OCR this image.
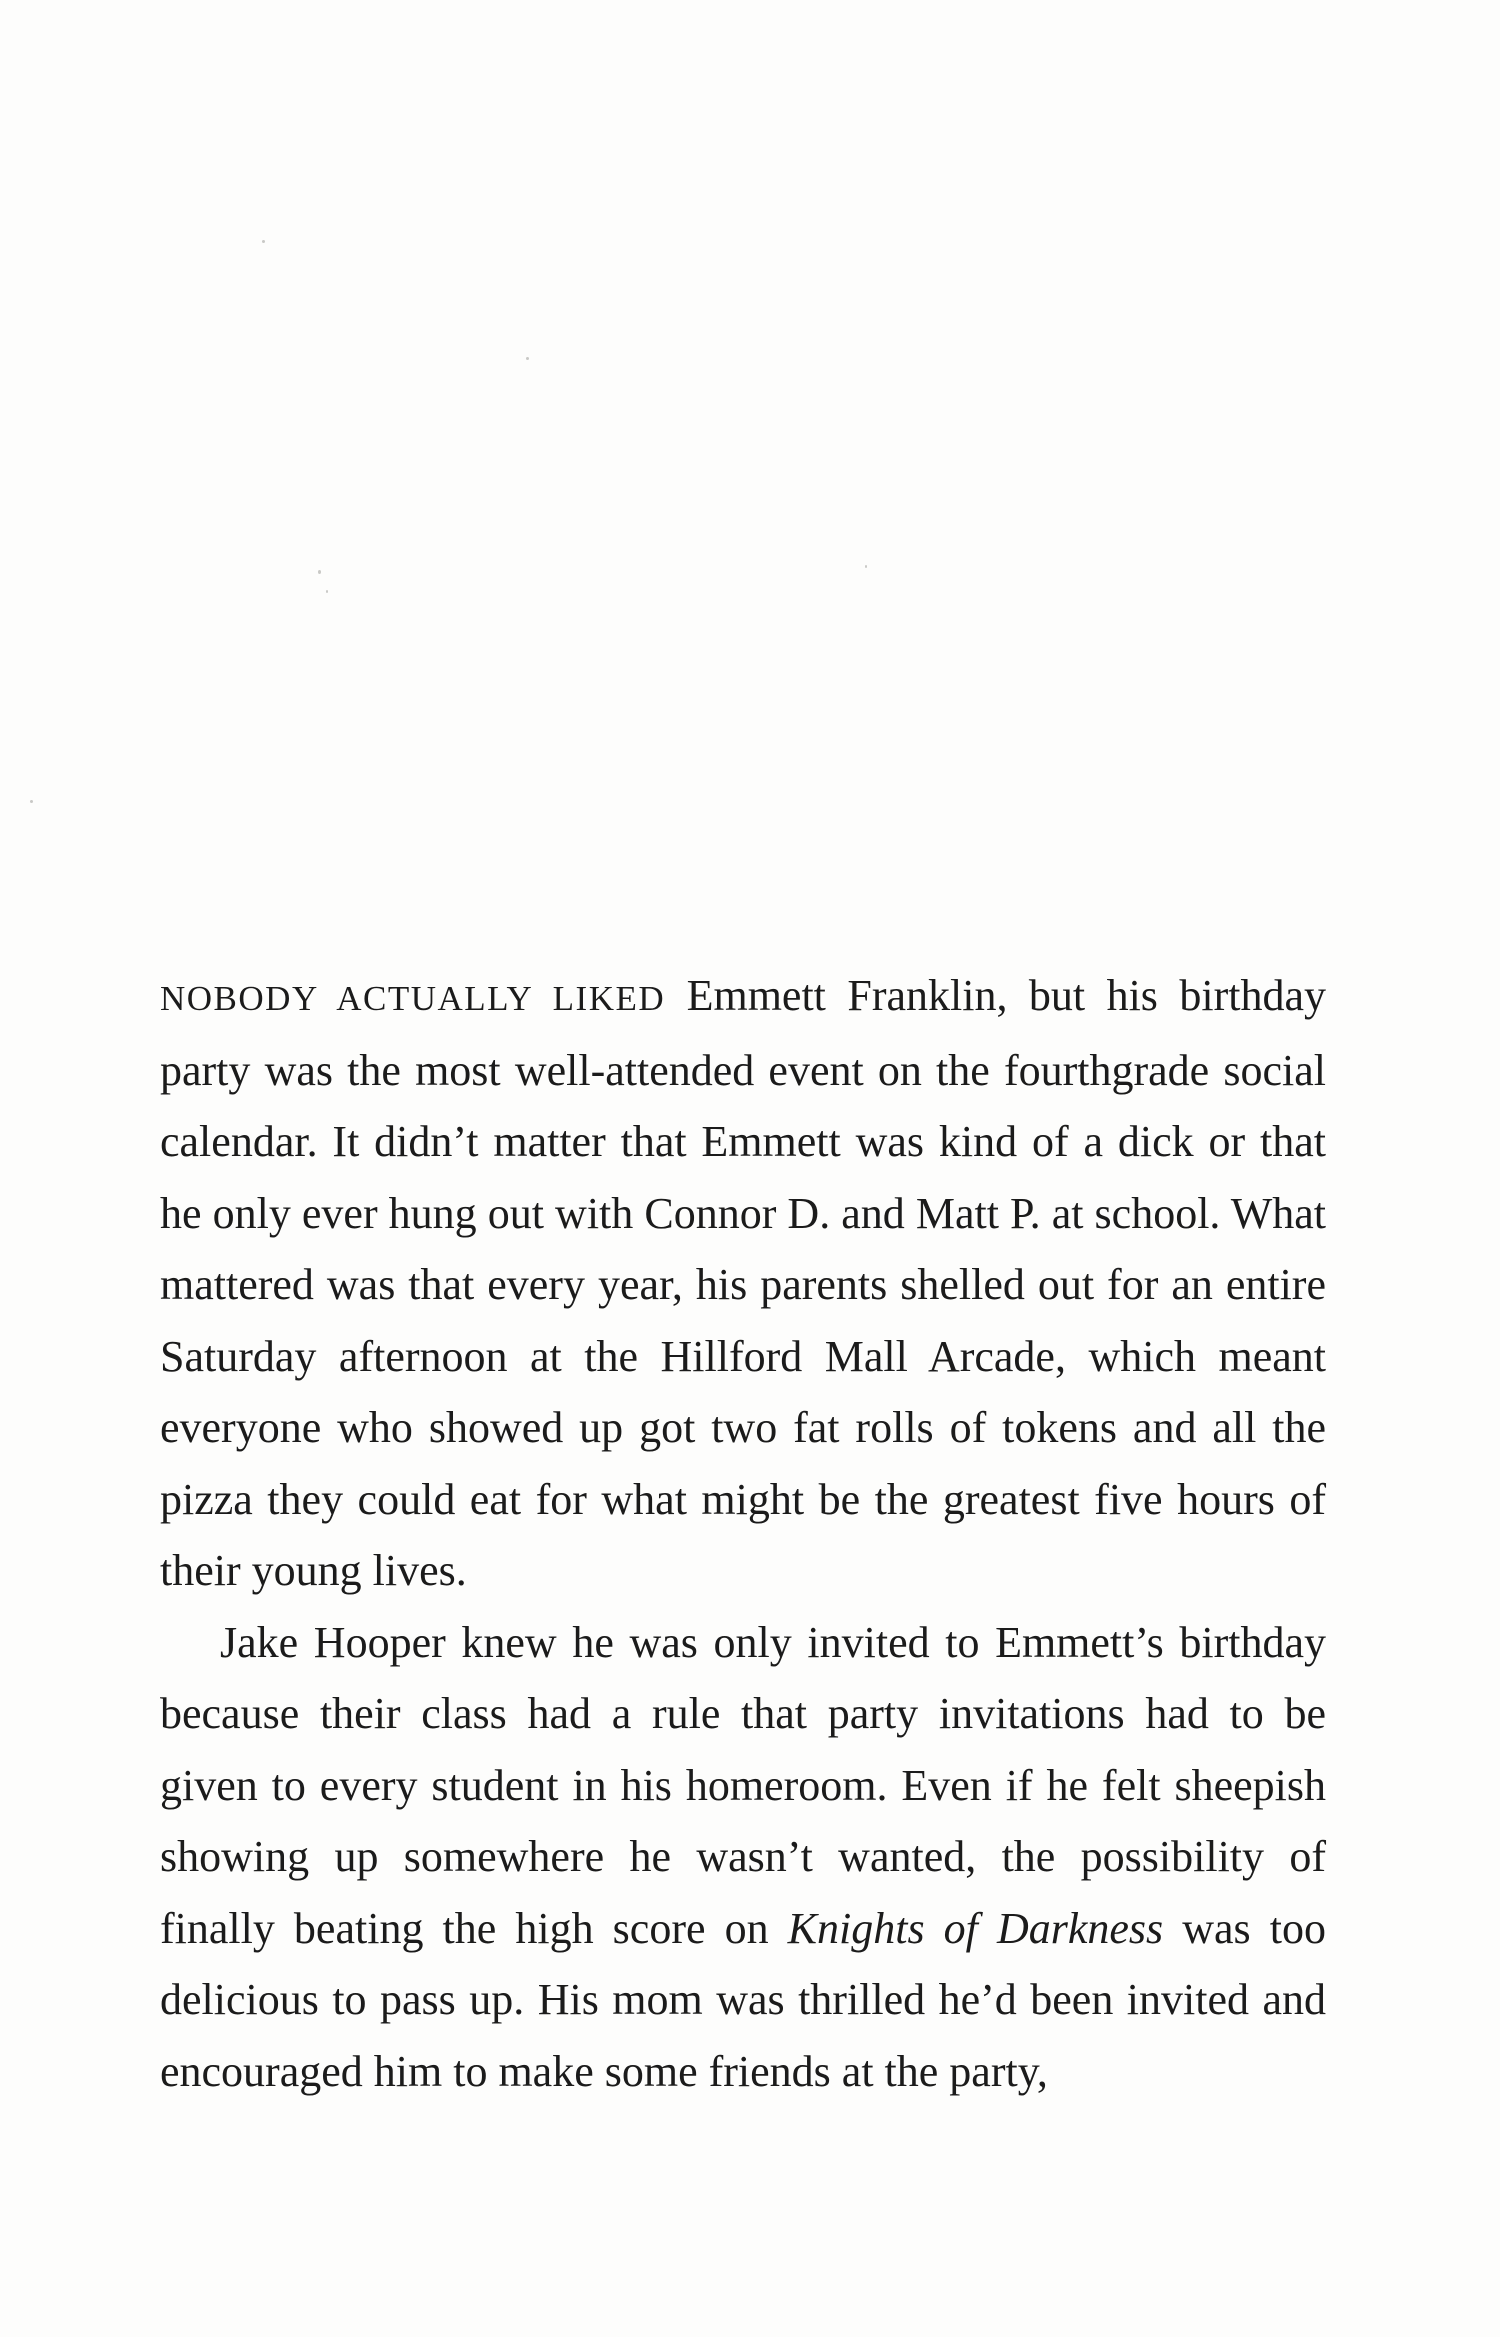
NOBODY ACTUALLY LIKED Emmett Franklin, but his birthday party was the most well-attended event on the fourthgrade social calendar. It didn’t matter that Emmett was kind of a dick or that he only ever hung out with Connor D. and Matt P. at school. What mattered was that every year, his parents shelled out for an entire Saturday afternoon at the Hillford Mall Arcade, which meant everyone who showed up got two fat rolls of tokens and all the pizza they could eat for what might be the greatest five hours of their young lives.

Jake Hooper knew he was only invited to Emmett’s birthday because their class had a rule that party invitations had to be given to every student in his homeroom. Even if he felt sheepish showing up somewhere he wasn’t wanted, the possibility of finally beating the high score on Knights of Darkness was too delicious to pass up. His mom was thrilled he’d been invited and encouraged him to make some friends at the party,
